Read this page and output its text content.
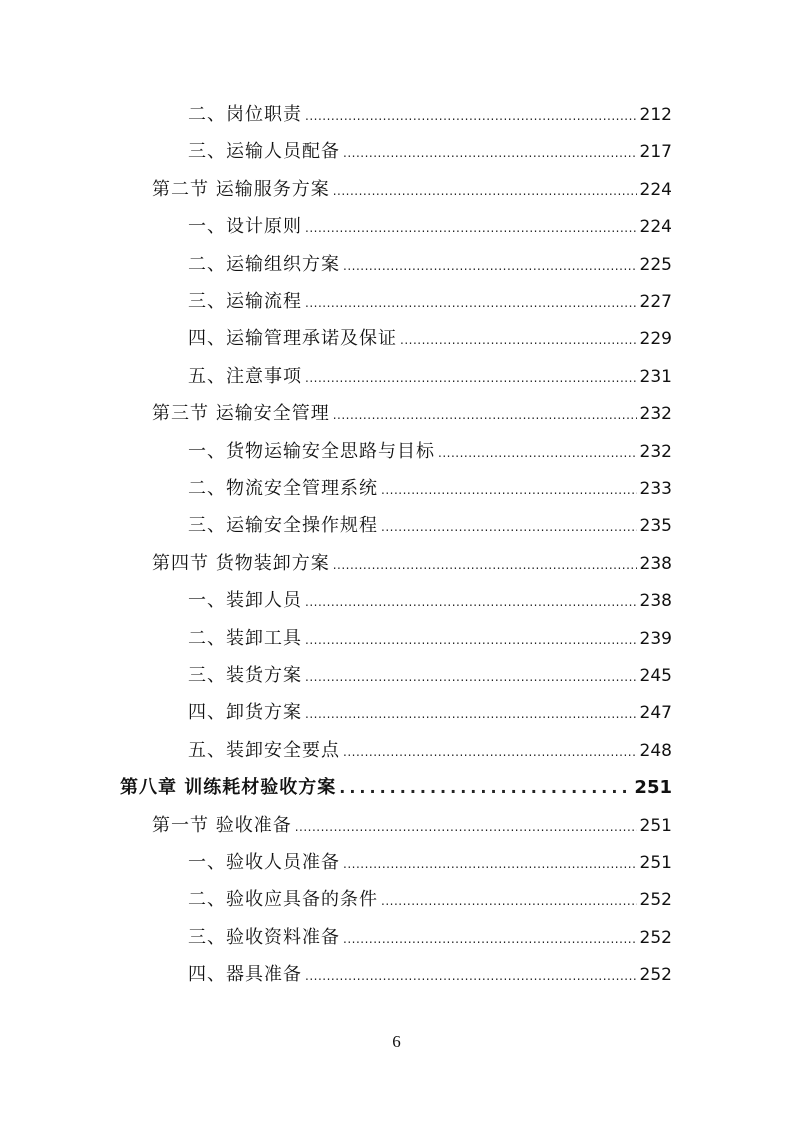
二、岗位职责 .....	212
三、运输人员配备 .....	217
第二节 运输服务方案 .....	224
一、设计原则 .....	224
二、运输组织方案 .....	225
三、运输流程 .....	227
四、运输管理承诺及保证 .....	229
五、注意事项 .....	231
第三节 运输安全管理 .....	232
一、货物运输安全思路与目标 .....	232
二、物流安全管理系统 .....	233
三、运输安全操作规程 .....	235
第四节 货物装卸方案 .....	238
一、装卸人员 .....	238
二、装卸工具 .....	239
三、装货方案 .....	245
四、卸货方案 .....	247
五、装卸安全要点 .....	248
第八章 训练耗材验收方案 .....	251
第一节 验收准备 .....	251
一、验收人员准备 .....	251
二、验收应具备的条件 .....	252
三、验收资料准备 .....	252
四、器具准备 .....	252
6
